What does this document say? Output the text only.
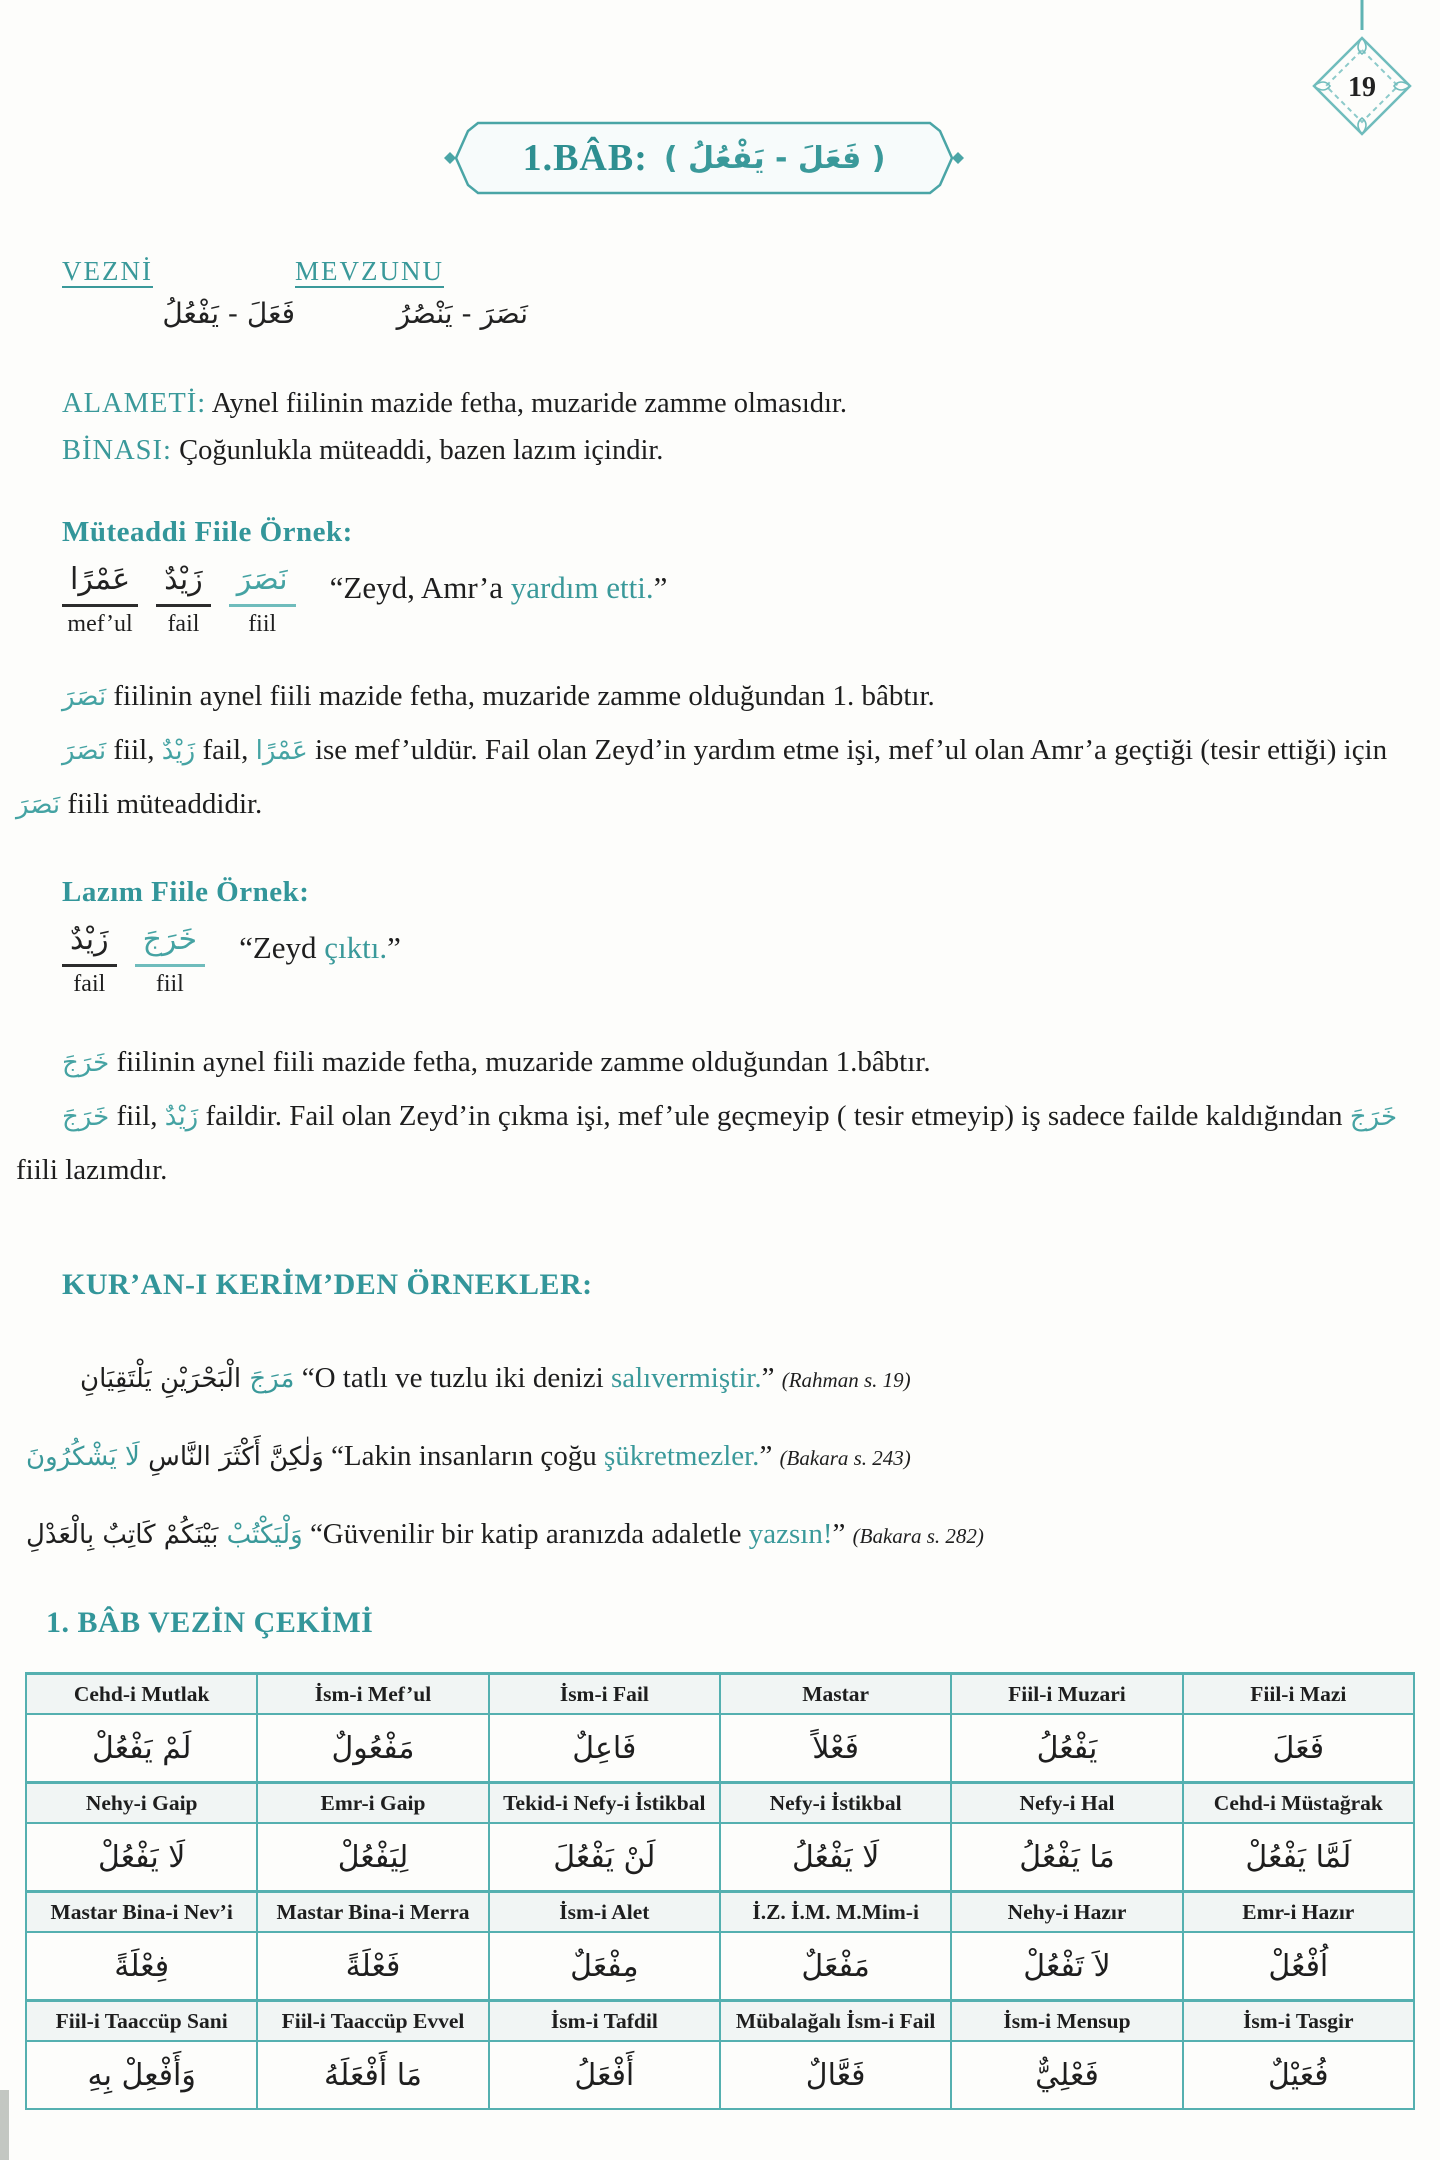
19
1.BÂB: ( فَعَلَ - يَفْعُلُ )
VEZNİ
فَعَلَ - يَفْعُلُ
MEVZUNU
نَصَرَ - يَنْصُرُ
ALAMETİ: Aynel fiilinin mazide fetha, muzaride zamme olmasıdır.
BİNASI: Çoğunlukla müteaddi, bazen lazım içindir.
Müteaddi Fiile Örnek:
عَمْرًا
mef’ul
زَيْدٌ
fail
نَصَرَ
fiil
“Zeyd, Amr’a yardım etti.”

نَصَرَ fiilinin aynel fiili mazide fetha, muzaride zamme olduğundan 1. bâbtır.

نَصَرَ fiil, زَيْدٌ fail, عَمْرًا ise mef’uldür. Fail olan Zeyd’in yardım etme işi, mef’ul olan Amr’a geçtiği (tesir ettiği) için نَصَرَ fiili müteaddidir.

Lazım Fiile Örnek:
زَيْدٌ
fail
خَرَجَ
fiil
“Zeyd çıktı.”

خَرَجَ fiilinin aynel fiili mazide fetha, muzaride zamme olduğundan 1.bâbtır.

خَرَجَ fiil, زَيْدٌ faildir. Fail olan Zeyd’in çıkma işi, mef’ule geçmeyip ( tesir etmeyip) iş sadece failde kaldığından خَرَجَ fiili lazımdır.

KUR’AN-I KERİM’DEN ÖRNEKLER:
مَرَجَ الْبَحْرَيْنِ يَلْتَقِيَانِ “O tatlı ve tuzlu iki denizi salıvermiştir.” (Rahman s. 19)
وَلٰكِنَّ أَكْثَرَ النَّاسِ لَا يَشْكُرُونَ	“Lakin insanların çoğu şükretmezler.” (Bakara s. 243)
وَلْيَكْتُبْ بَيْنَكُمْ كَاتِبٌ بِالْعَدْلِ	“Güvenilir bir katip aranızda adaletle yazsın!” (Bakara s. 282)
1. BÂB VEZİN ÇEKİMİ
Cehd-i Mutlak	İsm-i Mef’ul	İsm-i Fail	Mastar	Fiil-i Muzari	Fiil-i Mazi
لَمْ يَفْعُلْ	مَفْعُولٌ	فَاعِلٌ	فَعْلاً	يَفْعُلُ	فَعَلَ
Nehy-i Gaip	Emr-i Gaip	Tekid-i Nefy-i İstikbal	Nefy-i İstikbal	Nefy-i Hal	Cehd-i Müstağrak
لَا يَفْعُلْ	لِيَفْعُلْ	لَنْ يَفْعُلَ	لَا يَفْعُلُ	مَا يَفْعُلُ	لَمَّا يَفْعُلْ
Mastar Bina-i Nev’i	Mastar Bina-i Merra	İsm-i Alet	İ.Z. İ.M. M.Mim-i	Nehy-i Hazır	Emr-i Hazır
فِعْلَةً	فَعْلَةً	مِفْعَلٌ	مَفْعَلٌ	لاَ تَفْعُلْ	اُفْعُلْ
Fiil-i Taaccüp Sani	Fiil-i Taaccüp Evvel	İsm-i Tafdil	Mübalağalı İsm-i Fail	İsm-i Mensup	İsm-i Tasgir
وَأَفْعِلْ بِهِ	مَا أَفْعَلَهُ	أَفْعَلُ	فَعَّالٌ	فَعْلِيٌّ	فُعَيْلٌ
